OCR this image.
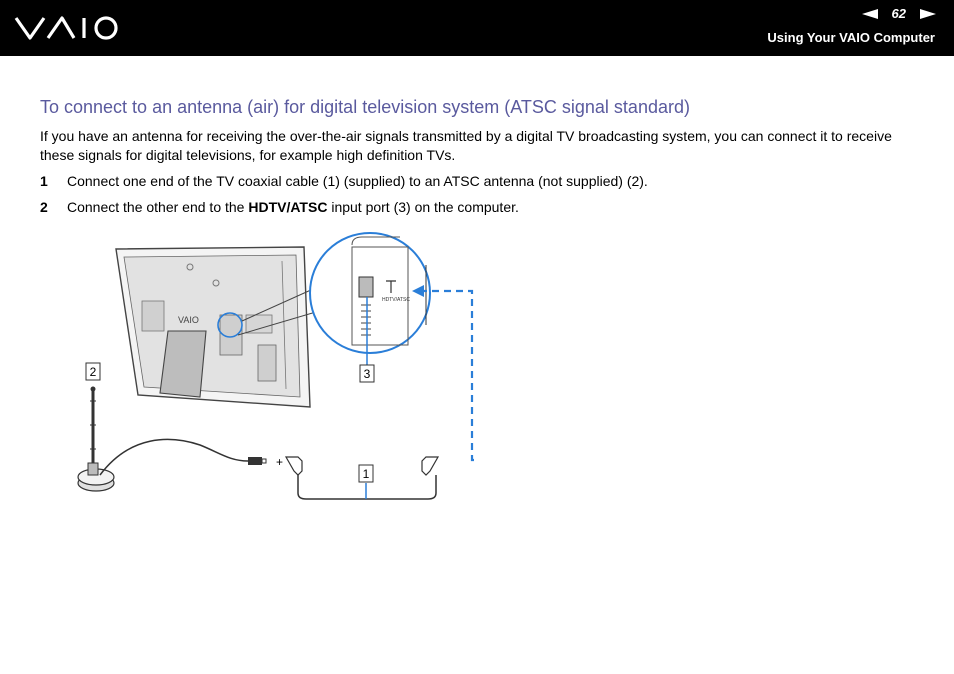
62
Using Your VAIO Computer
To connect to an antenna (air) for digital television system (ATSC signal standard)

If you have an antenna for receiving the over-the-air signals transmitted by a digital TV broadcasting system, you can connect it to receive these signals for digital televisions, for example high definition TVs.

1 Connect one end of the TV coaxial cable (1) (supplied) to an ATSC antenna (not supplied) (2).
2 Connect the other end to the HDTV/ATSC input port (3) on the computer.
VAIO
HDTV/ATSC
3
2
+
1
